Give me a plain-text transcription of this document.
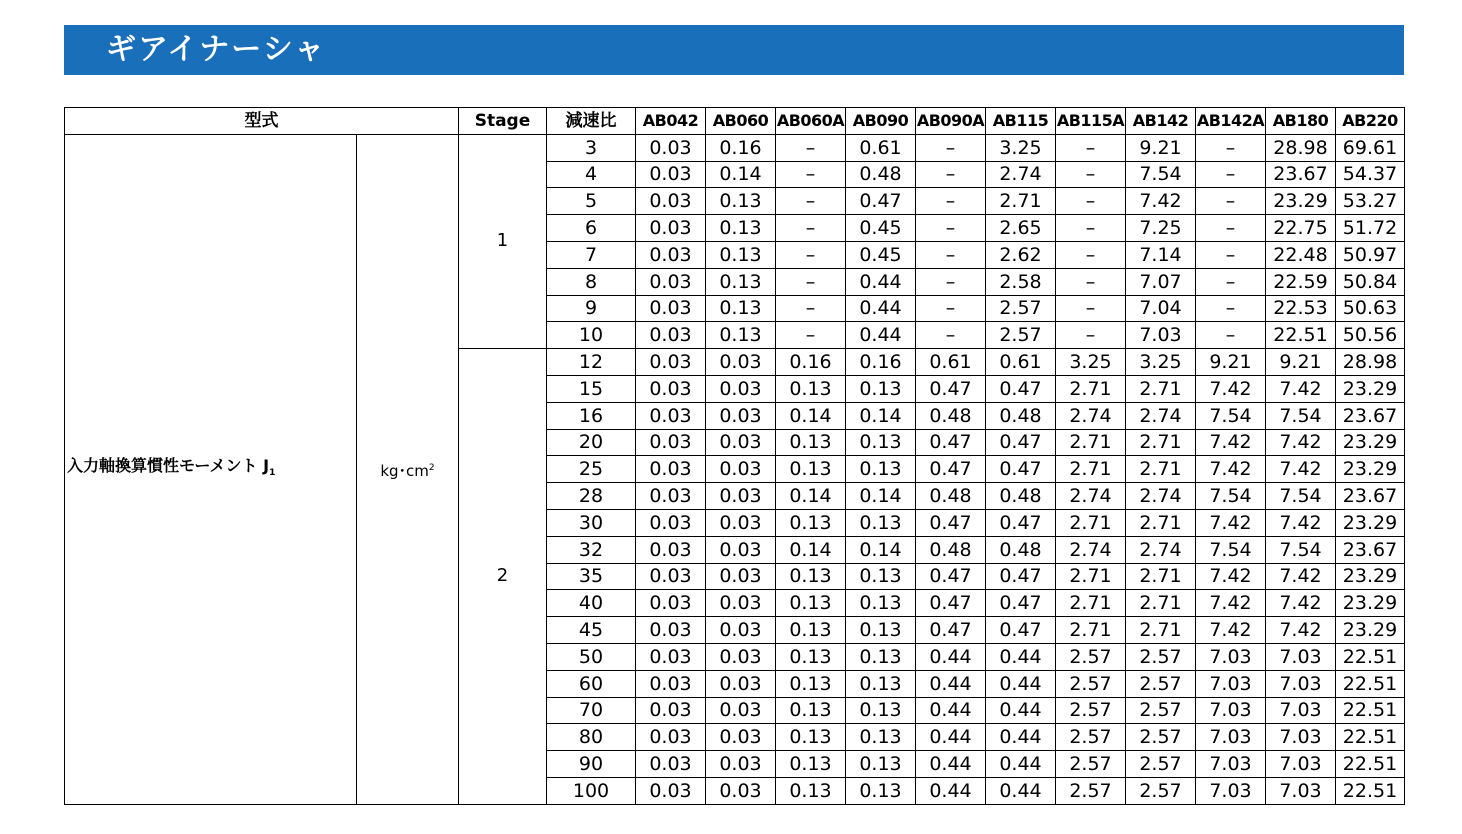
ギアイナーシャ
型式		Stage	減速比	AB042	AB060	AB060A	AB090	AB090A	AB115	AB115A	AB142	AB142A	AB180	AB220
入力軸換算慣性モーメント $J_1$	kg･$cm^2$	1	3	0.03	0.16	–	0.61	–	3.25	–	9.21	–	28.98	69.61
			4	0.03	0.14	–	0.48	–	2.74	–	7.54	–	23.67	54.37
			5	0.03	0.13	–	0.47	–	2.71	–	7.42	–	23.29	53.27
			6	0.03	0.13	–	0.45	–	2.65	–	7.25	–	22.75	51.72
			7	0.03	0.13	–	0.45	–	2.62	–	7.14	–	22.48	50.97
			8	0.03	0.13	–	0.44	–	2.58	–	7.07	–	22.59	50.84
			9	0.03	0.13	–	0.44	–	2.57	–	7.04	–	22.53	50.63
			10	0.03	0.13	–	0.44	–	2.57	–	7.03	–	22.51	50.56
		2	12	0.03	0.03	0.16	0.16	0.61	0.61	3.25	3.25	9.21	9.21	28.98
			15	0.03	0.03	0.13	0.13	0.47	0.47	2.71	2.71	7.42	7.42	23.29
			16	0.03	0.03	0.14	0.14	0.48	0.48	2.74	2.74	7.54	7.54	23.67
			20	0.03	0.03	0.13	0.13	0.47	0.47	2.71	2.71	7.42	7.42	23.29
			25	0.03	0.03	0.13	0.13	0.47	0.47	2.71	2.71	7.42	7.42	23.29
			28	0.03	0.03	0.14	0.14	0.48	0.48	2.74	2.74	7.54	7.54	23.67
			30	0.03	0.03	0.13	0.13	0.47	0.47	2.71	2.71	7.42	7.42	23.29
			32	0.03	0.03	0.14	0.14	0.48	0.48	2.74	2.74	7.54	7.54	23.67
			35	0.03	0.03	0.13	0.13	0.47	0.47	2.71	2.71	7.42	7.42	23.29
			40	0.03	0.03	0.13	0.13	0.47	0.47	2.71	2.71	7.42	7.42	23.29
			45	0.03	0.03	0.13	0.13	0.47	0.47	2.71	2.71	7.42	7.42	23.29
			50	0.03	0.03	0.13	0.13	0.44	0.44	2.57	2.57	7.03	7.03	22.51
			60	0.03	0.03	0.13	0.13	0.44	0.44	2.57	2.57	7.03	7.03	22.51
			70	0.03	0.03	0.13	0.13	0.44	0.44	2.57	2.57	7.03	7.03	22.51
			80	0.03	0.03	0.13	0.13	0.44	0.44	2.57	2.57	7.03	7.03	22.51
			90	0.03	0.03	0.13	0.13	0.44	0.44	2.57	2.57	7.03	7.03	22.51
			100	0.03	0.03	0.13	0.13	0.44	0.44	2.57	2.57	7.03	7.03	22.51
